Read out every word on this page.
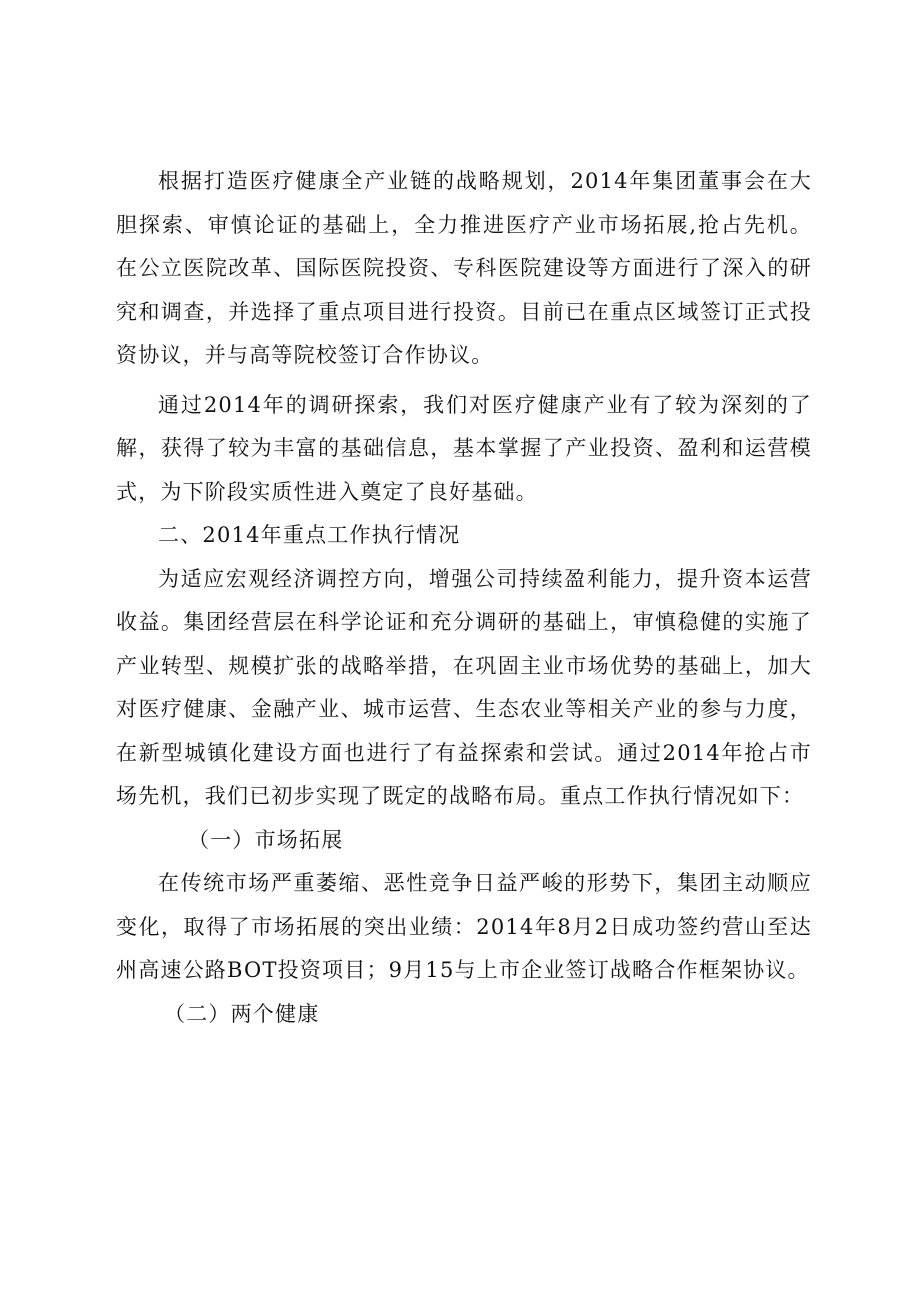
根据打造医疗健康全产业链的战略规划，2014年集团董事会在大胆探索、审慎论证的基础上，全力推进医疗产业市场拓展,抢占先机。在公立医院改革、国际医院投资、专科医院建设等方面进行了深入的研究和调查，并选择了重点项目进行投资。目前已在重点区域签订正式投资协议，并与高等院校签订合作协议。

通过2014年的调研探索，我们对医疗健康产业有了较为深刻的了解，获得了较为丰富的基础信息，基本掌握了产业投资、盈利和运营模式，为下阶段实质性进入奠定了良好基础。

二、2014年重点工作执行情况

为适应宏观经济调控方向，增强公司持续盈利能力，提升资本运营收益。集团经营层在科学论证和充分调研的基础上，审慎稳健的实施了产业转型、规模扩张的战略举措，在巩固主业市场优势的基础上，加大对医疗健康、金融产业、城市运营、生态农业等相关产业的参与力度，在新型城镇化建设方面也进行了有益探索和尝试。通过2014年抢占市场先机，我们已初步实现了既定的战略布局。重点工作执行情况如下：

（一）市场拓展

在传统市场严重萎缩、恶性竞争日益严峻的形势下，集团主动顺应变化，取得了市场拓展的突出业绩：2014年8月2日成功签约营山至达州高速公路BOT投资项目；9月15与上市企业签订战略合作框架协议。

（二）两个健康
